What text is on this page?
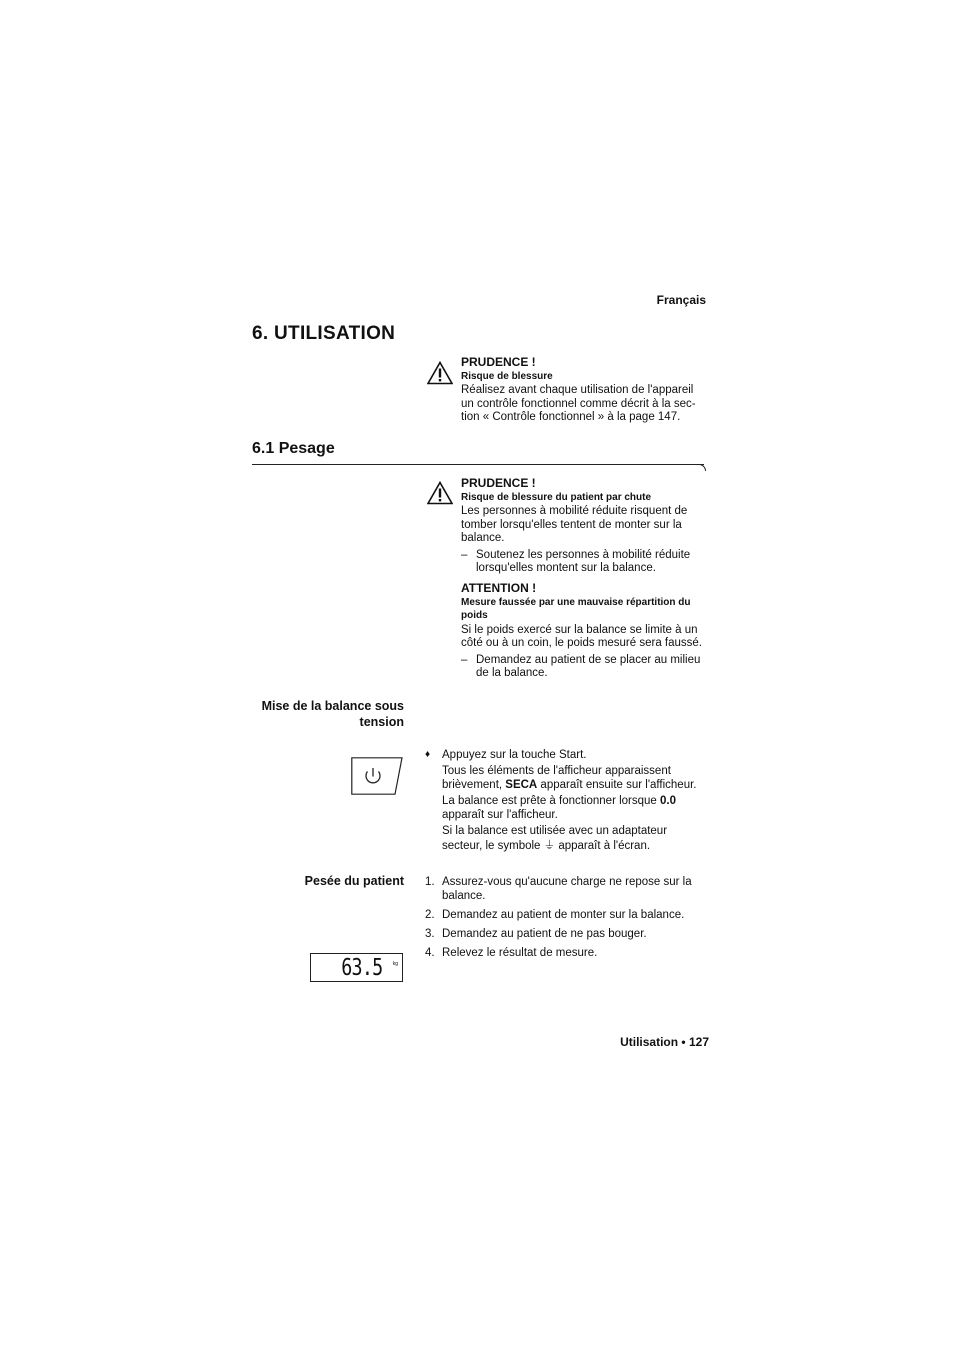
Français
6. UTILISATION
PRUDENCE !
Risque de blessure

Réalisez avant chaque utilisation de l'appareil

un contrôle fonctionnel comme décrit à la sec-

tion « Contrôle fonctionnel » à la page 147.

6.1 Pesage
PRUDENCE !
Risque de blessure du patient par chute

Les personnes à mobilité réduite risquent de

tomber lorsqu'elles tentent de monter sur la

balance.

– Soutenez les personnes à mobilité réduite

lorsqu'elles montent sur la balance.

ATTENTION !
Mesure faussée par une mauvaise répartition du
poids

Si le poids exercé sur la balance se limite à un

côté ou à un coin, le poids mesuré sera faussé.

– Demandez au patient de se placer au milieu

de la balance.

Mise de la balance sous
tension
♦ Appuyez sur la touche Start.

Tous les éléments de l'afficheur apparaissent

brièvement, SECA apparaît ensuite sur l'afficheur.

La balance est prête à fonctionner lorsque 0.0

apparaît sur l'afficheur.

Si la balance est utilisée avec un adaptateur

secteur, le symbole ⏚ apparaît à l'écran.

Pesée du patient 1. Assurez-vous qu'aucune charge ne repose sur la

balance.

2. Demandez au patient de monter sur la balance.

3. Demandez au patient de ne pas bouger.

4. Relevez le résultat de mesure.

63.5 kg
Utilisation • 127
